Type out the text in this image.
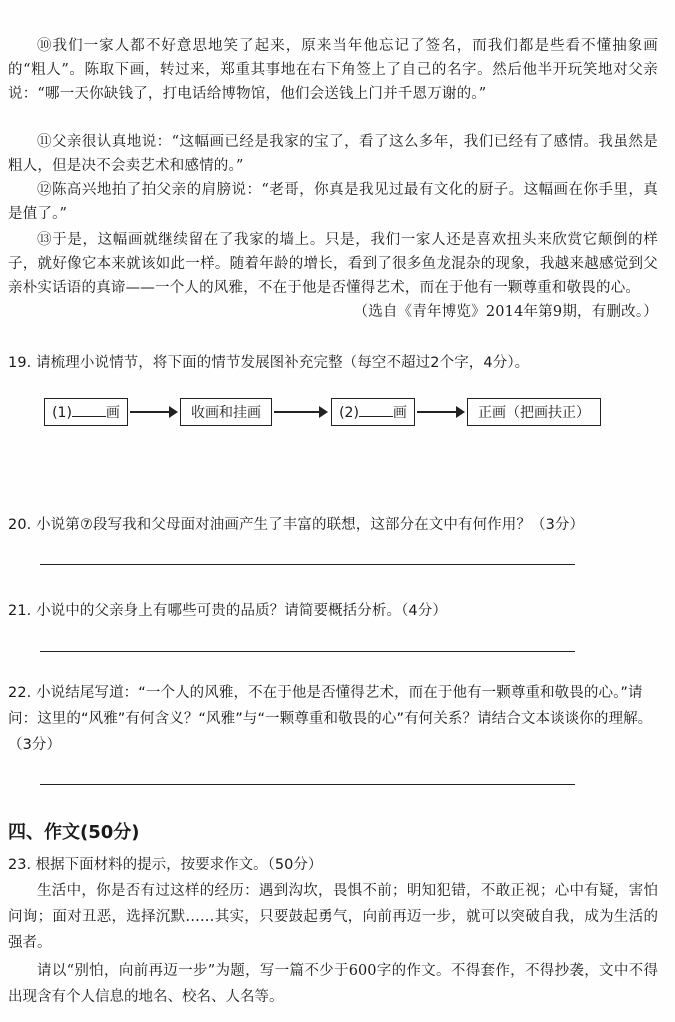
⑩我们一家人都不好意思地笑了起来，原来当年他忘记了签名，而我们都是些看不懂抽象画的“粗人”。陈取下画，转过来，郑重其事地在右下角签上了自己的名字。然后他半开玩笑地对父亲说：“哪一天你缺钱了，打电话给博物馆，他们会送钱上门并千恩万谢的。”

⑪父亲很认真地说：“这幅画已经是我家的宝了，看了这么多年，我们已经有了感情。我虽然是粗人，但是决不会卖艺术和感情的。”

⑫陈高兴地拍了拍父亲的肩膀说：“老哥，你真是我见过最有文化的厨子。这幅画在你手里，真是值了。”

⑬于是，这幅画就继续留在了我家的墙上。只是，我们一家人还是喜欢扭头来欣赏它颠倒的样子，就好像它本来就该如此一样。随着年龄的增长，看到了很多鱼龙混杂的现象，我越来越感觉到父亲朴实话语的真谛——一个人的风雅，不在于他是否懂得艺术，而在于他有一颗尊重和敬畏的心。
（选自《青年博览》2014年第9期，有删改。）

19. 请梳理小说情节，将下面的情节发展图补充完整（每空不超过2个字，4分）。

(1) 画	收画和挂画	(2) 画	正画（把画扶正）

20. 小说第⑦段写我和父母面对油画产生了丰富的联想，这部分在文中有何作用？（3分）

21. 小说中的父亲身上有哪些可贵的品质？请简要概括分析。（4分）

22. 小说结尾写道：“一个人的风雅，不在于他是否懂得艺术，而在于他有一颗尊重和敬畏的心。”请问：这里的“风雅”有何含义？“风雅”与“一颗尊重和敬畏的心”有何关系？请结合文本谈谈你的理解。（3分）

四、作文(50分)

23. 根据下面材料的提示，按要求作文。（50分）

生活中，你是否有过这样的经历：遇到沟坎，畏惧不前；明知犯错，不敢正视；心中有疑，害怕问询；面对丑恶，选择沉默……其实，只要鼓起勇气，向前再迈一步，就可以突破自我，成为生活的强者。

请以“别怕，向前再迈一步”为题，写一篇不少于600字的作文。不得套作，不得抄袭，文中不得出现含有个人信息的地名、校名、人名等。
